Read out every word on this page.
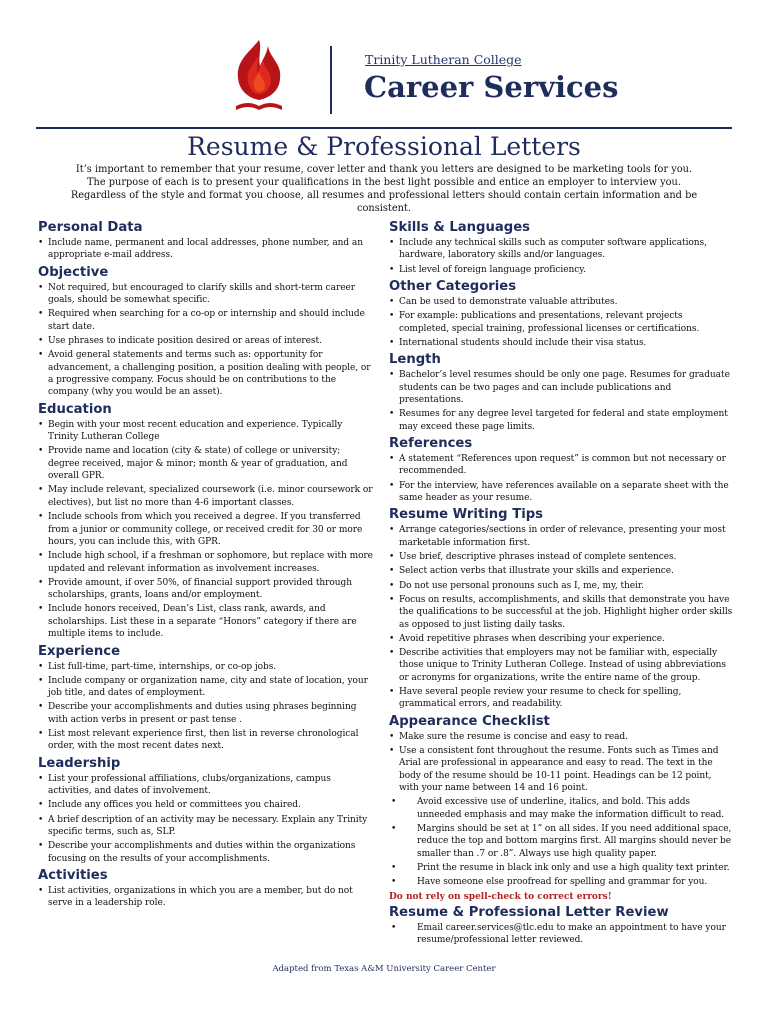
Trinity Lutheran College
Career Services
Resume & Professional Letters
It’s important to remember that your resume, cover letter and thank you letters are designed to be marketing tools for you. The purpose of each is to present your qualifications in the best light possible and entice an employer to interview you. Regardless of the style and format you choose, all resumes and professional letters should contain certain information and be consistent.
Personal Data
• Include name, permanent and local addresses, phone number, and an appropriate e-mail address.
Objective
• Not required, but encouraged to clarify skills and short-term career goals, should be somewhat specific.
• Required when searching for a co-op or internship and should include start date.
• Use phrases to indicate position desired or areas of interest.
• Avoid general statements and terms such as: opportunity for advancement, a challenging position, a position dealing with people, or a progressive company. Focus should be on contributions to the company (why you would be an asset).
Education
• Begin with your most recent education and experience. Typically Trinity Lutheran College
• Provide name and location (city & state) of college or university; degree received, major & minor; month & year of graduation, and overall GPR.
• May include relevant, specialized coursework (i.e. minor coursework or electives), but list no more than 4-6 important classes.
• Include schools from which you received a degree. If you transferred from a junior or community college, or received credit for 30 or more hours, you can include this, with GPR.
• Include high school, if a freshman or sophomore, but replace with more updated and relevant information as involvement increases.
• Provide amount, if over 50%, of financial support provided through scholarships, grants, loans and/or employment.
• Include honors received, Dean’s List, class rank, awards, and scholarships. List these in a separate “Honors” category if there are multiple items to include.
Experience
• List full-time, part-time, internships, or co-op jobs.
• Include company or organization name, city and state of location, your job title, and dates of employment.
• Describe your accomplishments and duties using phrases beginning with action verbs in present or past tense .
• List most relevant experience first, then list in reverse chronological order, with the most recent dates next.
Leadership
• List your professional affiliations, clubs/organizations, campus activities, and dates of involvement.
• Include any offices you held or committees you chaired.
• A brief description of an activity may be necessary. Explain any Trinity specific terms, such as, SLP.
• Describe your accomplishments and duties within the organizations focusing on the results of your accomplishments.
Activities
• List activities, organizations in which you are a member, but do not serve in a leadership role.
Skills & Languages
• Include any technical skills such as computer software applications, hardware, laboratory skills and/or languages.
• List level of foreign language proficiency.
Other Categories
• Can be used to demonstrate valuable attributes.
• For example: publications and presentations, relevant projects completed, special training, professional licenses or certifications.
• International students should include their visa status.
Length
• Bachelor’s level resumes should be only one page. Resumes for graduate students can be two pages and can include publications and presentations.
• Resumes for any degree level targeted for federal and state employment may exceed these page limits.
References
• A statement “References upon request” is common but not necessary or recommended.
• For the interview, have references available on a separate sheet with the same header as your resume.
Resume Writing Tips
• Arrange categories/sections in order of relevance, presenting your most marketable information first.
• Use brief, descriptive phrases instead of complete sentences.
• Select action verbs that illustrate your skills and experience.
• Do not use personal pronouns such as I, me, my, their.
• Focus on results, accomplishments, and skills that demonstrate you have the qualifications to be successful at the job. Highlight higher order skills as opposed to just listing daily tasks.
• Avoid repetitive phrases when describing your experience.
• Describe activities that employers may not be familiar with, especially those unique to Trinity Lutheran College. Instead of using abbreviations or acronyms for organizations, write the entire name of the group.
• Have several people review your resume to check for spelling, grammatical errors, and readability.
Appearance Checklist
• Make sure the resume is concise and easy to read.
• Use a consistent font throughout the resume. Fonts such as Times and Arial are professional in appearance and easy to read. The text in the body of the resume should be 10-11 point. Headings can be 12 point, with your name between 14 and 16 point.
• Avoid excessive use of underline, italics, and bold. This adds unneeded emphasis and may make the information difficult to read.
• Margins should be set at 1” on all sides. If you need additional space, reduce the top and bottom margins first. All margins should never be smaller than .7 or .8”. Always use high quality paper.
• Print the resume in black ink only and use a high quality text printer.
• Have someone else proofread for spelling and grammar for you.
Do not rely on spell-check to correct errors!
Resume & Professional Letter Review
• Email career.services@tlc.edu to make an appointment to have your resume/professional letter reviewed.
Adapted from Texas A&M University Career Center
